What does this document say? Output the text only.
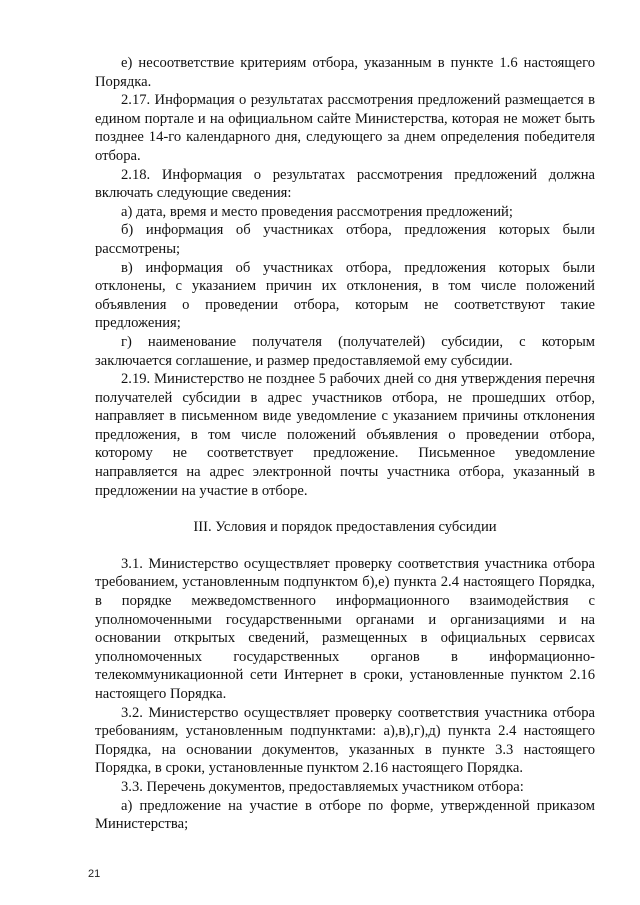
е) несоответствие критериям отбора, указанным в пункте 1.6 настоящего Порядка.

2.17. Информация о результатах рассмотрения предложений размещается в едином портале и на официальном сайте Министерства, которая не может быть позднее 14-го календарного дня, следующего за днем определения победителя отбора.

2.18. Информация о результатах рассмотрения предложений должна включать следующие сведения:

а) дата, время и место проведения рассмотрения предложений;

б) информация об участниках отбора, предложения которых были рассмотрены;

в) информация об участниках отбора, предложения которых были отклонены, с указанием причин их отклонения, в том числе положений объявления о проведении отбора, которым не соответствуют такие предложения;

г) наименование получателя (получателей) субсидии, с которым заключается соглашение, и размер предоставляемой ему субсидии.

2.19. Министерство не позднее 5 рабочих дней со дня утверждения перечня получателей субсидии в адрес участников отбора, не прошедших отбор, направляет в письменном виде уведомление с указанием причины отклонения предложения, в том числе положений объявления о проведении отбора, которому не соответствует предложение. Письменное уведомление направляется на адрес электронной почты участника отбора, указанный в предложении на участие в отборе.

III. Условия и порядок предоставления субсидии

3.1. Министерство осуществляет проверку соответствия участника отбора требованием, установленным подпунктом б),е) пункта 2.4 настоящего Порядка, в порядке межведомственного информационного взаимодействия с уполномоченными государственными органами и организациями и на основании открытых сведений, размещенных в официальных сервисах уполномоченных государственных органов в информационно-телекоммуникационной сети Интернет в сроки, установленные пунктом 2.16 настоящего Порядка.

3.2. Министерство осуществляет проверку соответствия участника отбора требованиям, установленным подпунктами: а),в),г),д) пункта 2.4 настоящего Порядка, на основании документов, указанных в пункте 3.3 настоящего Порядка, в сроки, установленные пунктом 2.16 настоящего Порядка.

3.3. Перечень документов, предоставляемых участником отбора:

а) предложение на участие в отборе по форме, утвержденной приказом Министерства;

21
